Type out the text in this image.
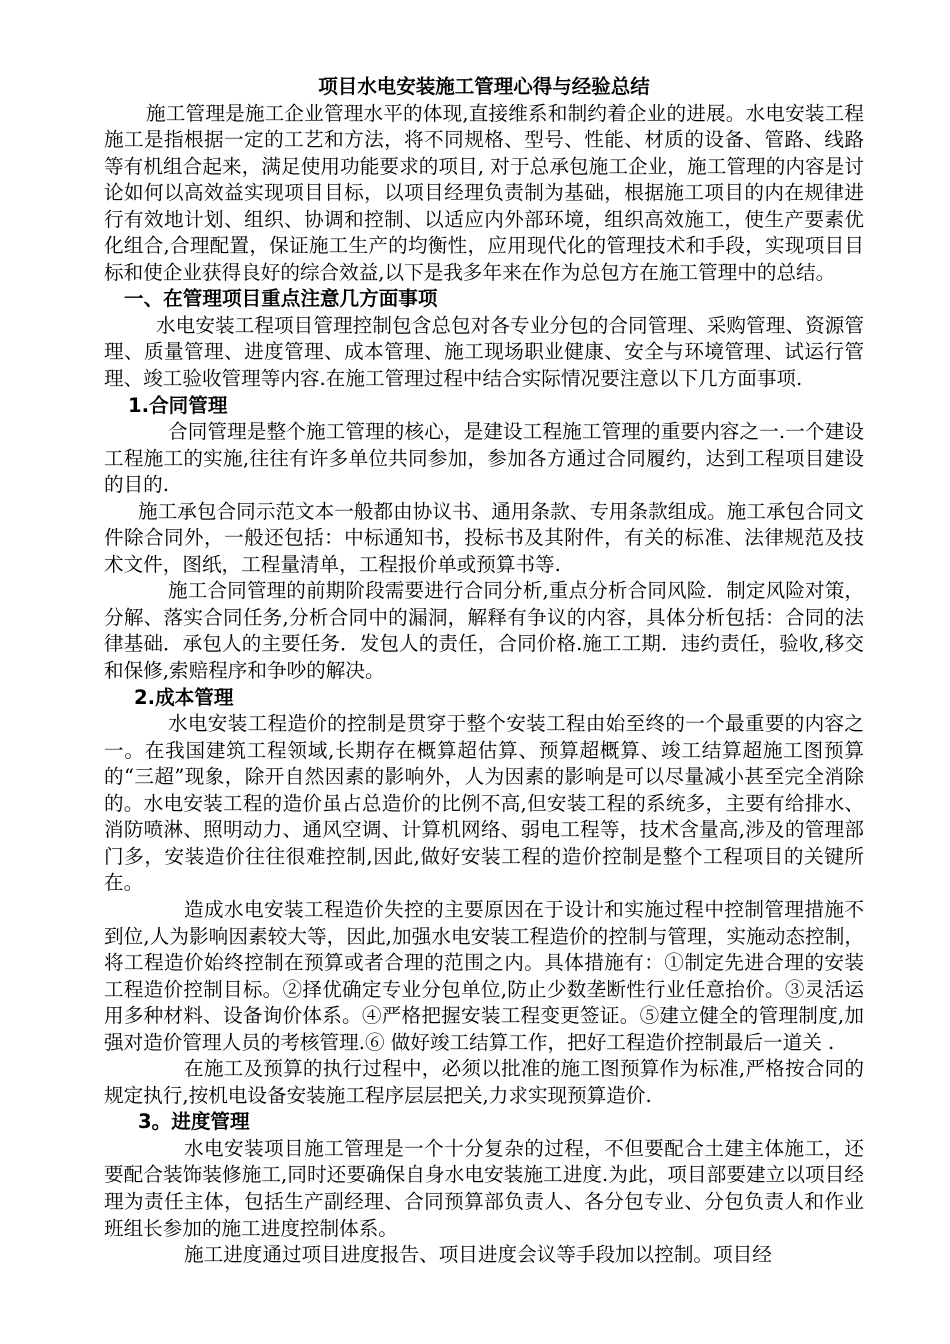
项目水电安装施工管理心得与经验总结

施工管理是施工企业管理水平的体现,直接维系和制约着企业的进展。水电安装工程施工是指根据一定的工艺和方法，将不同规格、型号、性能、材质的设备、管路、线路等有机组合起来，满足使用功能要求的项目, 对于总承包施工企业，施工管理的内容是讨论如何以高效益实现项目目标，以项目经理负责制为基础，根据施工项目的内在规律进行有效地计划、组织、协调和控制、以适应内外部环境，组织高效施工，使生产要素优化组合,合理配置，保证施工生产的均衡性，应用现代化的管理技术和手段，实现项目目标和使企业获得良好的综合效益,以下是我多年来在作为总包方在施工管理中的总结。

一、在管理项目重点注意几方面事项

水电安装工程项目管理控制包含总包对各专业分包的合同管理、采购管理、资源管理、质量管理、进度管理、成本管理、施工现场职业健康、安全与环境管理、试运行管理、竣工验收管理等内容.在施工管理过程中结合实际情况要注意以下几方面事项.

1.合同管理

合同管理是整个施工管理的核心，是建设工程施工管理的重要内容之一.一个建设工程施工的实施,往往有许多单位共同参加，参加各方通过合同履约，达到工程项目建设的目的.

施工承包合同示范文本一般都由协议书、通用条款、专用条款组成。施工承包合同文件除合同外，一般还包括：中标通知书，投标书及其附件，有关的标准、法律规范及技术文件，图纸，工程量清单，工程报价单或预算书等.

施工合同管理的前期阶段需要进行合同分析,重点分析合同风险．制定风险对策，分解、落实合同任务,分析合同中的漏洞，解释有争议的内容，具体分析包括：合同的法律基础．承包人的主要任务．发包人的责任，合同价格.施工工期．违约责任，验收,移交和保修,索赔程序和争吵的解决。

2.成本管理

水电安装工程造价的控制是贯穿于整个安装工程由始至终的一个最重要的内容之一。在我国建筑工程领域,长期存在概算超估算、预算超概算、竣工结算超施工图预算的“三超”现象，除开自然因素的影响外，人为因素的影响是可以尽量减小甚至完全消除的。水电安装工程的造价虽占总造价的比例不高,但安装工程的系统多，主要有给排水、消防喷淋、照明动力、通风空调、计算机网络、弱电工程等，技术含量高,涉及的管理部门多，安装造价往往很难控制,因此,做好安装工程的造价控制是整个工程项目的关键所在。

造成水电安装工程造价失控的主要原因在于设计和实施过程中控制管理措施不到位,人为影响因素较大等，因此,加强水电安装工程造价的控制与管理，实施动态控制，将工程造价始终控制在预算或者合理的范围之内。具体措施有：①制定先进合理的安装工程造价控制目标。②择优确定专业分包单位,防止少数垄断性行业任意抬价。③灵活运用多种材料、设备询价体系。④严格把握安装工程变更签证。⑤建立健全的管理制度,加强对造价管理人员的考核管理.⑥ 做好竣工结算工作，把好工程造价控制最后一道关 .

在施工及预算的执行过程中，必须以批准的施工图预算作为标准,严格按合同的规定执行,按机电设备安装施工程序层层把关,力求实现预算造价.

3。进度管理

水电安装项目施工管理是一个十分复杂的过程，不但要配合土建主体施工，还要配合装饰装修施工,同时还要确保自身水电安装施工进度.为此，项目部要建立以项目经理为责任主体，包括生产副经理、合同预算部负责人、各分包专业、分包负责人和作业班组长参加的施工进度控制体系。

施工进度通过项目进度报告、项目进度会议等手段加以控制。项目经
